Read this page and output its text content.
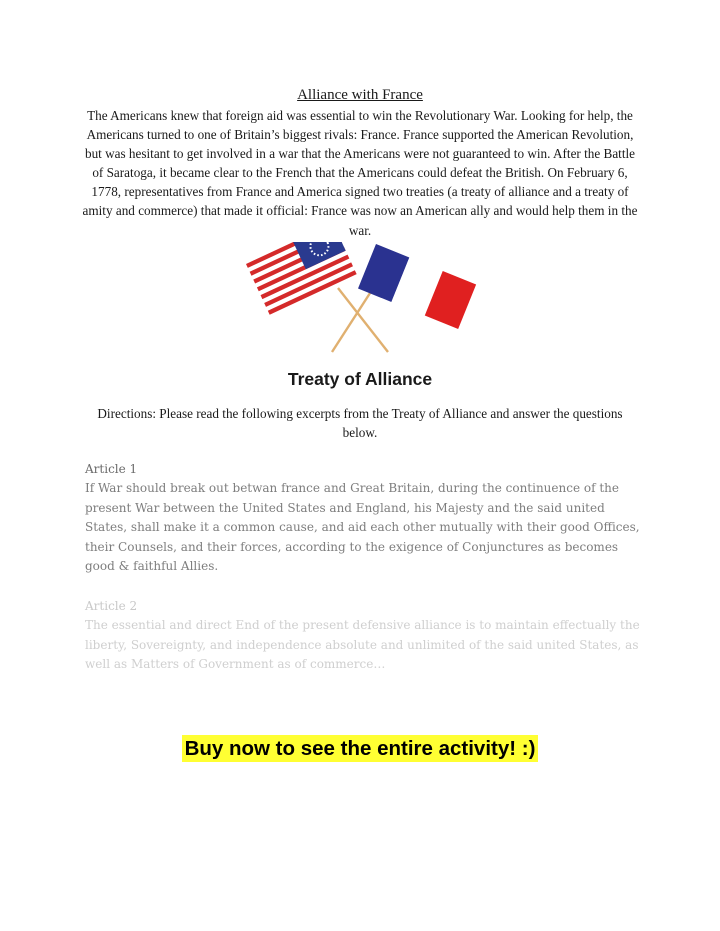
Alliance with France
The Americans knew that foreign aid was essential to win the Revolutionary War. Looking for help, the Americans turned to one of Britain’s biggest rivals: France. France supported the American Revolution, but was hesitant to get involved in a war that the Americans were not guaranteed to win. After the Battle of Saratoga, it became clear to the French that the Americans could defeat the British. On February 6, 1778, representatives from France and America signed two treaties (a treaty of alliance and a treaty of amity and commerce) that made it official: France was now an American ally and would help them in the war.
Treaty of Alliance
Directions: Please read the following excerpts from the Treaty of Alliance and answer the questions below.
Article 1
If War should break out betwan france and Great Britain, during the continuence of the present War between the United States and England, his Majesty and the said united States, shall make it a common cause, and aid each other mutually with their good Offices, their Counsels, and their forces, according to the exigence of Conjunctures as becomes good & faithful Allies.
Article 2
The essential and direct End of the present defensive alliance is to maintain effectually the liberty, Sovereignty, and independence absolute and unlimited of the said united States, as well as Matters of Government as of commerce…
Buy now to see the entire activity! :)
